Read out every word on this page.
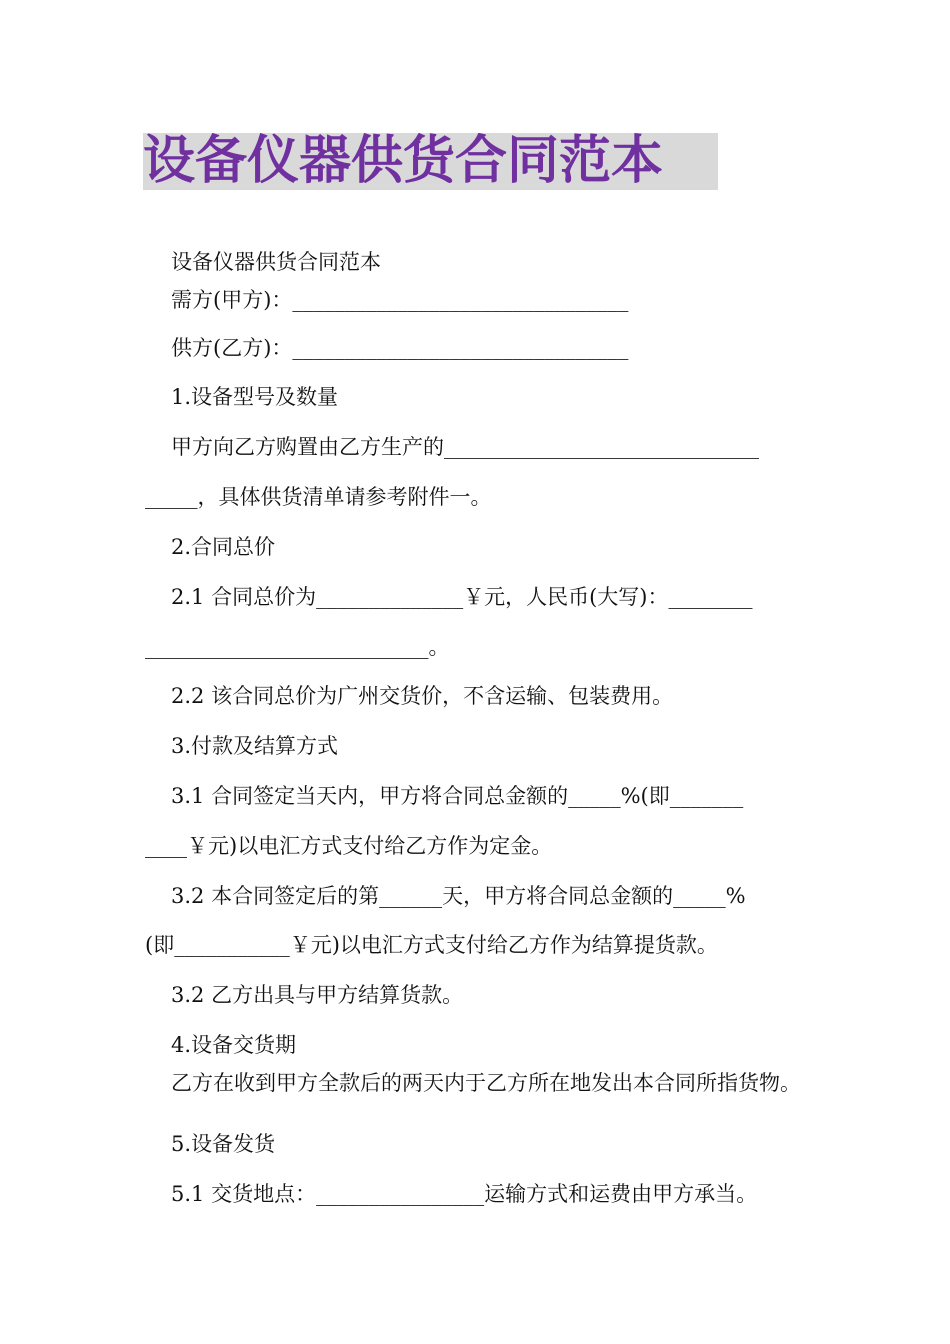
设备仪器供货合同范本
设备仪器供货合同范本
需方(甲方)：________________________________
供方(乙方)：________________________________
1.设备型号及数量
甲方向乙方购置由乙方生产的______________________________
_____，具体供货清单请参考附件一。
2.合同总价
2.1 合同总价为______________￥元，人民币(大写)：________
___________________________。
2.2 该合同总价为广州交货价，不含运输、包装费用。
3.付款及结算方式
3.1 合同签定当天内，甲方将合同总金额的_____%(即_______
____￥元)以电汇方式支付给乙方作为定金。
3.2 本合同签定后的第______天，甲方将合同总金额的_____%
(即___________￥元)以电汇方式支付给乙方作为结算提货款。
3.2 乙方出具与甲方结算货款。
4.设备交货期
乙方在收到甲方全款后的两天内于乙方所在地发出本合同所指货物。
5.设备发货
5.1 交货地点：________________运输方式和运费由甲方承当。
